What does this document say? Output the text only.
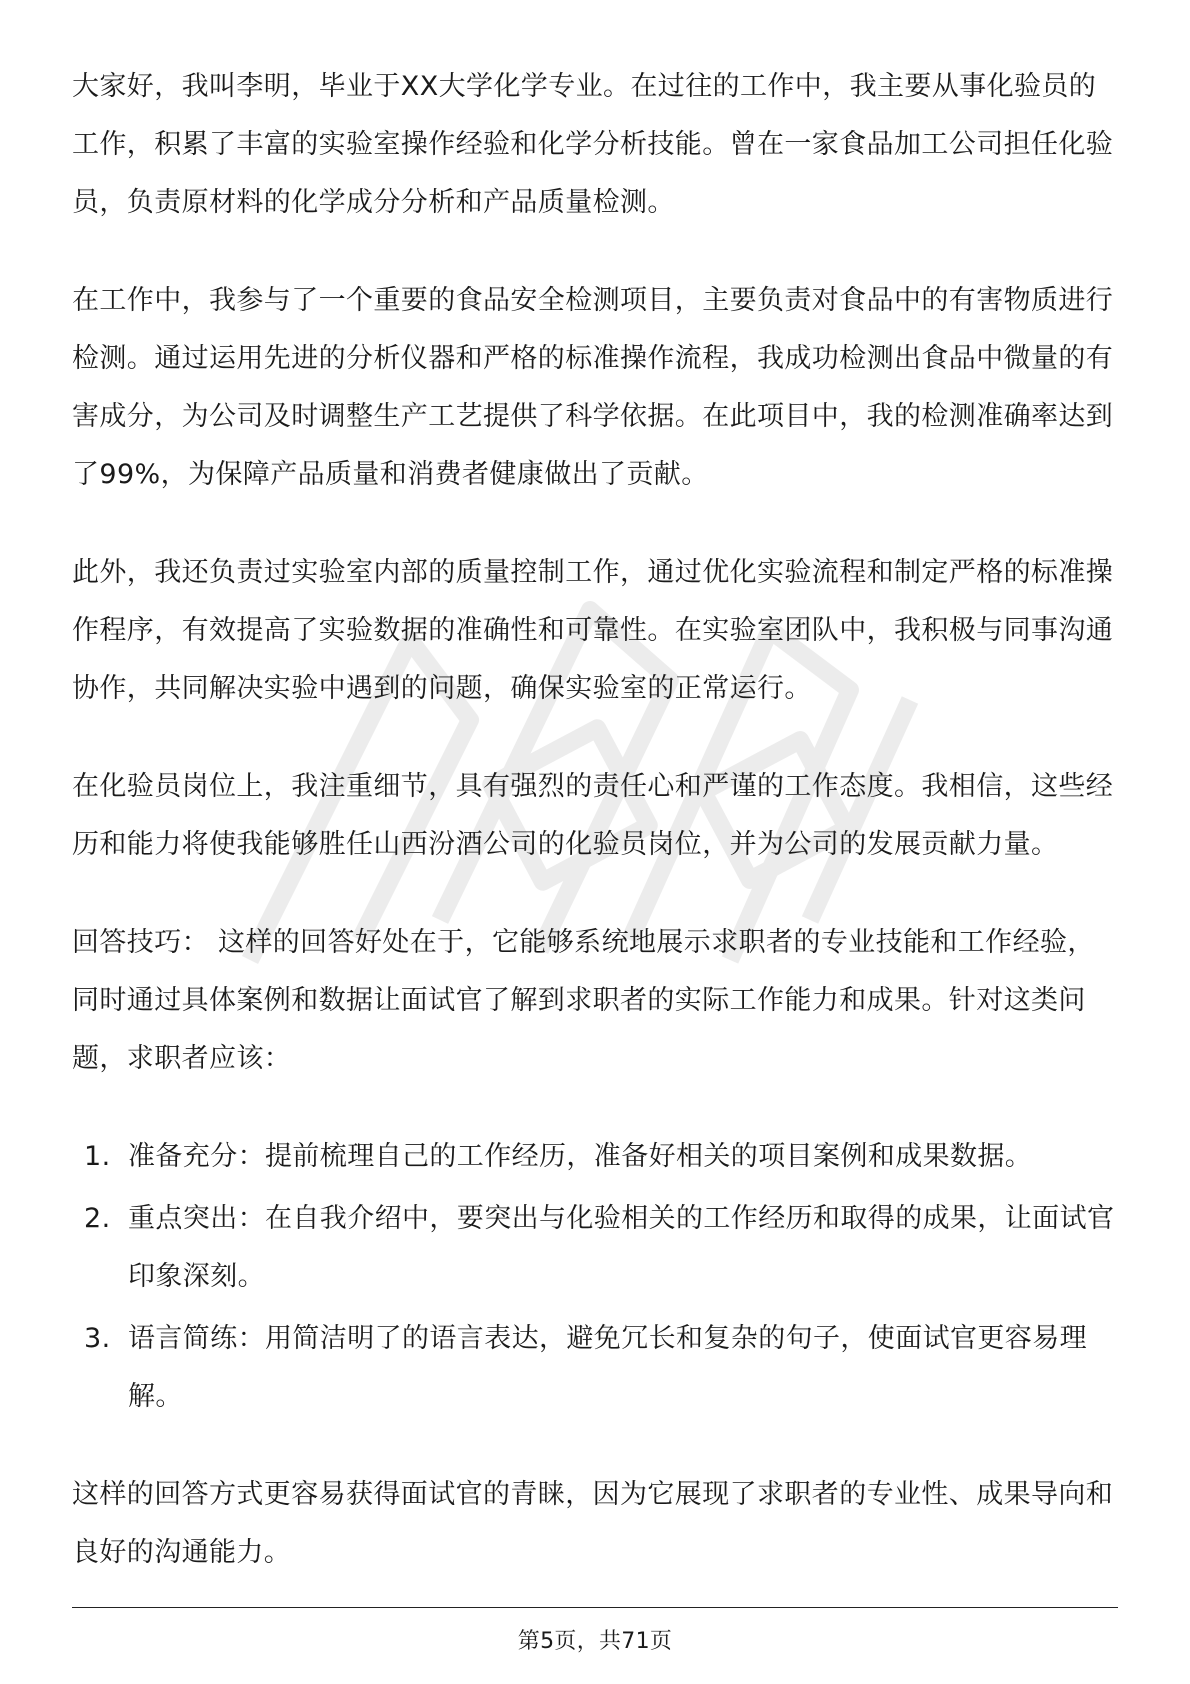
大家好，我叫李明，毕业于XX大学化学专业。在过往的工作中，我主要从事化验员的工作，积累了丰富的实验室操作经验和化学分析技能。曾在一家食品加工公司担任化验员，负责原材料的化学成分分析和产品质量检测。

在工作中，我参与了一个重要的食品安全检测项目，主要负责对食品中的有害物质进行检测。通过运用先进的分析仪器和严格的标准操作流程，我成功检测出食品中微量的有害成分，为公司及时调整生产工艺提供了科学依据。在此项目中，我的检测准确率达到了99%，为保障产品质量和消费者健康做出了贡献。

此外，我还负责过实验室内部的质量控制工作，通过优化实验流程和制定严格的标准操作程序，有效提高了实验数据的准确性和可靠性。在实验室团队中，我积极与同事沟通协作，共同解决实验中遇到的问题，确保实验室的正常运行。

在化验员岗位上，我注重细节，具有强烈的责任心和严谨的工作态度。我相信，这些经历和能力将使我能够胜任山西汾酒公司的化验员岗位，并为公司的发展贡献力量。

回答技巧： 这样的回答好处在于，它能够系统地展示求职者的专业技能和工作经验，同时通过具体案例和数据让面试官了解到求职者的实际工作能力和成果。针对这类问题，求职者应该：

1. 准备充分：提前梳理自己的工作经历，准备好相关的项目案例和成果数据。
2. 重点突出：在自我介绍中，要突出与化验相关的工作经历和取得的成果，让面试官印象深刻。
3. 语言简练：用简洁明了的语言表达，避免冗长和复杂的句子，使面试官更容易理解。

这样的回答方式更容易获得面试官的青睐，因为它展现了求职者的专业性、成果导向和良好的沟通能力。

第5页，共71页
